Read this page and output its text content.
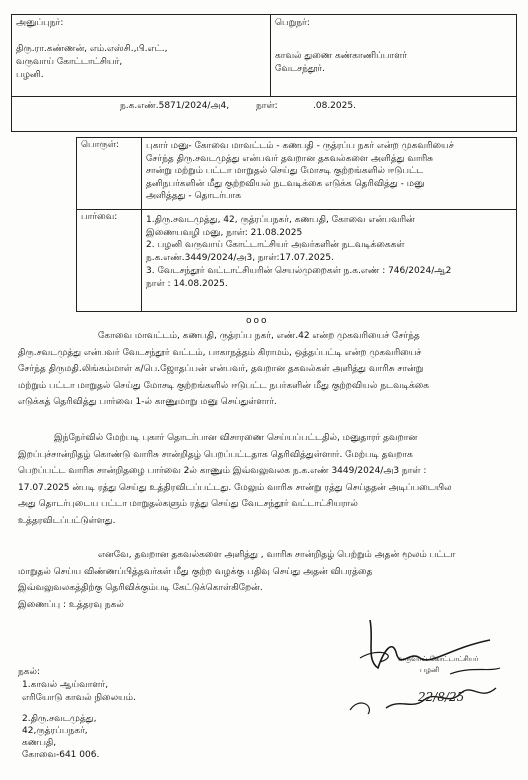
அனுப்புநர்:
திரு.ரா.கண்ணன், எம்.எஸ்சி.,பி.எட்.,
வருவாய் கோட்டாட்சியர்,
பழனி.
பெறுநர்:
காவல் துணை கண்காணிப்பாளர்
வேடசந்தூர்.
ந.க.எண்.5871/2024/அ4,	நாள்:	.08.2025.
பொருள்:	புகார் மனு- கோவை மாவட்டம் - கணபதி - ருத்ரப்ப நகர் என்ற முகவரியைச்
சேர்ந்த திரு.சவடமுத்து என்பவர் தவறான தகவல்களை அளித்து வாரிசு
சான்று மற்றும் பட்டா மாறுதல் செய்து மோசடி குற்றங்களில் ஈடுபட்ட
தனிநபர்களின் மீது குற்றவியல் நடவடிக்கை எடுக்க தெரிவித்து - மனு
அளித்தது - தொடர்பாக
பார்வை:	1.திரு.சவடமுத்து, 42, ருத்ரப்பநகர், கணபதி, கோவை என்பவரின்
இணையவழி மனு, நாள்: 21.08.2025
2. பழனி வருவாய் கோட்டாட்சியர் அவர்களின் நடவடிக்கைகள்
ந.க.எண்.3449/2024/அ3, நாள்:17.07.2025.
3. வேடசந்தூர் வட்டாட்சியரின் செயல்முறைகள் ந.க.எண் : 746/2024/ஆ2
நாள் : 14.08.2025.
ooo
கோவை மாவட்டம், கணபதி, ருத்ரப்ப நகர், எண்.42 என்ற முகவரியைச் சேர்ந்த
திரு.சவடமுத்து என்பவர் வேடசந்தூர் வட்டம், பாகாநத்தம் கிராமம், ஒத்தப்பட்டி என்ற முகவரியைச்
சேர்ந்த திருமதி.லிங்கம்மாள் க/பெ.ஜோதப்பன் என்பவர், தவறான தகவல்கள் அளித்து வாரிசு சான்று
மற்றும் பட்டா மாறுதல் செய்து மோசடி குற்றங்களில் ஈடுபட்ட நபர்களின் மீது குற்றவியல் நடவடிக்கை
எடுக்கத் தெரிவித்து பார்வை 1-ல் காணுமாறு மனு செய்துள்ளார்.
இந்நேர்வில் மேற்படி புகார் தொடர்பான விசாரணை செய்யப்பட்டதில், மனுதாரர் தவறான
இறப்புச்சான்றிதழ் கொண்டு வாரிசு சான்றிதழ் பெறப்பட்டதாக தெரிவித்துள்ளார். மேற்படி தவறாக
பெறப்பட்ட வாரிசு சான்றிதழை பார்வை 2ல் காணும் இவ்வலுவலக ந.க.எண் 3449/2024/அ3 நாள் :
17.07.2025 ன்படி ரத்து செய்து உத்திரவிடப்பட்டது. மேலும் வாரிசு சான்று ரத்து செய்ததன் அடிப்படையில
அது தொடர்புடைய பட்டா மாறுதல்களும் ரத்து செய்து வேடசந்தூர் வட்டாட்சியரால்
உத்தரவிடப்பட்டுள்ளது.
எனவே, தவறான தகவல்களை அளித்து , வாரிசு சான்றிதழ் பெற்றும் அதன் மூலம் பட்டா
மாறுதல் செய்ய விண்ணப்பித்தவர்கள் மீது குற்ற வழக்கு பதிவு செய்து அதன் விபரத்தை
இவ்வலுவலகத்திற்கு தெரிவிக்கும்படி கேட்டுக்கொள்கிறேன்.
இணைப்பு : உத்தரவு நகல்
வருவாய் கோட்டாட்சியர்
பழனி
22/8/25
நகல்:
1.காவல் ஆய்வாளர்,
எரியோடு காவல் நிலையம்.
2.திரு.சவடமுத்து,
42,ருத்ரப்பநகர்,
கணபதி,
கோவை-641 006.
